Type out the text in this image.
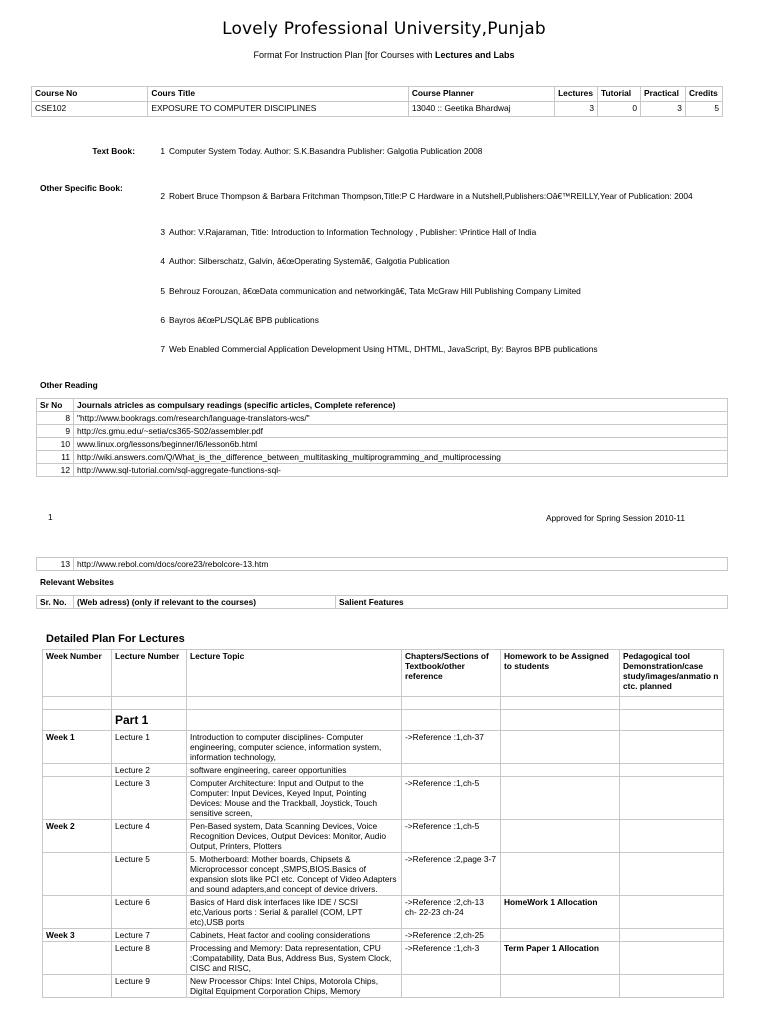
Lovely Professional University,Punjab
Format For Instruction Plan [for Courses with Lectures and Labs
Course No	Cours Title	Course Planner	Lectures	Tutorial	Practical	Credits
CSE102	EXPOSURE TO COMPUTER DISCIPLINES	13040 :: Geetika Bhardwaj	3	0	3	5
Text Book:	1 Computer System Today. Author: S.K.Basandra Publisher: Galgotia Publication 2008
Other Specific Book:
2 Robert Bruce Thompson & Barbara Fritchman Thompson,Title:P C Hardware in a Nutshell,Publishers:Oâ€™REILLY,Year of Publication: 2004
3 Author: V.Rajaraman, Title: Introduction to Information Technology , Publisher: \Printice Hall of India
4 Author: Silberschatz, Galvin, â€œOperating Systemâ€, Galgotia Publication
5 Behrouz Forouzan, â€œData communication and networkingâ€, Tata McGraw Hill Publishing Company Limited
6 Bayros â€œPL/SQLâ€ BPB publications
7 Web Enabled Commercial Application Development Using HTML, DHTML, JavaScript, By: Bayros BPB publications
Other Reading
Sr No	Journals atricles as compulsary readings (specific articles, Complete reference)
8	"http://www.bookrags.com/research/language-translators-wcs/"
9	http://cs.gmu.edu/~setia/cs365-S02/assembler.pdf
10	www.linux.org/lessons/beginner/l6/lesson6b.html
11	http://wiki.answers.com/Q/What_is_the_difference_between_multitasking_multiprogramming_and_multiprocessing
12	http://www.sql-tutorial.com/sql-aggregate-functions-sql-
1	Approved for Spring Session 2010-11
13	http://www.rebol.com/docs/core23/rebolcore-13.htm
Relevant Websites
Sr. No.	(Web adress) (only if relevant to the courses)	Salient Features
Detailed Plan For Lectures
Week Number	Lecture Number	Lecture Topic	Chapters/Sections of Textbook/other reference	Homework to be Assigned to students	Pedagogical tool Demonstration/case study/images/anmatio n ctc. planned

	Part 1				
Week 1	Lecture 1	Introduction to computer disciplines- Computer engineering, computer science, information system, information technology,	->Reference :1,ch-37		
	Lecture 2	software engineering, career opportunities			
	Lecture 3	Computer Architecture: Input and Output to the Computer: Input Devices, Keyed Input, Pointing Devices: Mouse and the Trackball, Joystick, Touch sensitive screen,	->Reference :1,ch-5		
Week 2	Lecture 4	Pen-Based system, Data Scanning Devices, Voice Recognition Devices, Output Devices: Monitor, Audio Output, Printers, Plotters	->Reference :1,ch-5		
	Lecture 5	5. Motherboard: Mother boards, Chipsets & Microprocessor concept ,SMPS,BIOS.Basics of expansion slots like PCI etc. Concept of Video Adapters and sound adapters,and concept of device drivers.	->Reference :2,page 3-7		
	Lecture 6	Basics of Hard disk interfaces like IDE / SCSI etc,Various ports : Serial & parallel (COM, LPT etc),USB ports	->Reference :2,ch-13 ch- 22-23 ch-24	HomeWork 1 Allocation	
Week 3	Lecture 7	Cabinets, Heat factor and cooling considerations	->Reference :2,ch-25		
	Lecture 8	Processing and Memory: Data representation, CPU :Compatability, Data Bus, Address Bus, System Clock, CISC and RISC,	->Reference :1,ch-3	Term Paper 1 Allocation	
	Lecture 9	New Processor Chips: Intel Chips, Motorola Chips, Digital Equipment Corporation Chips, Memory			
